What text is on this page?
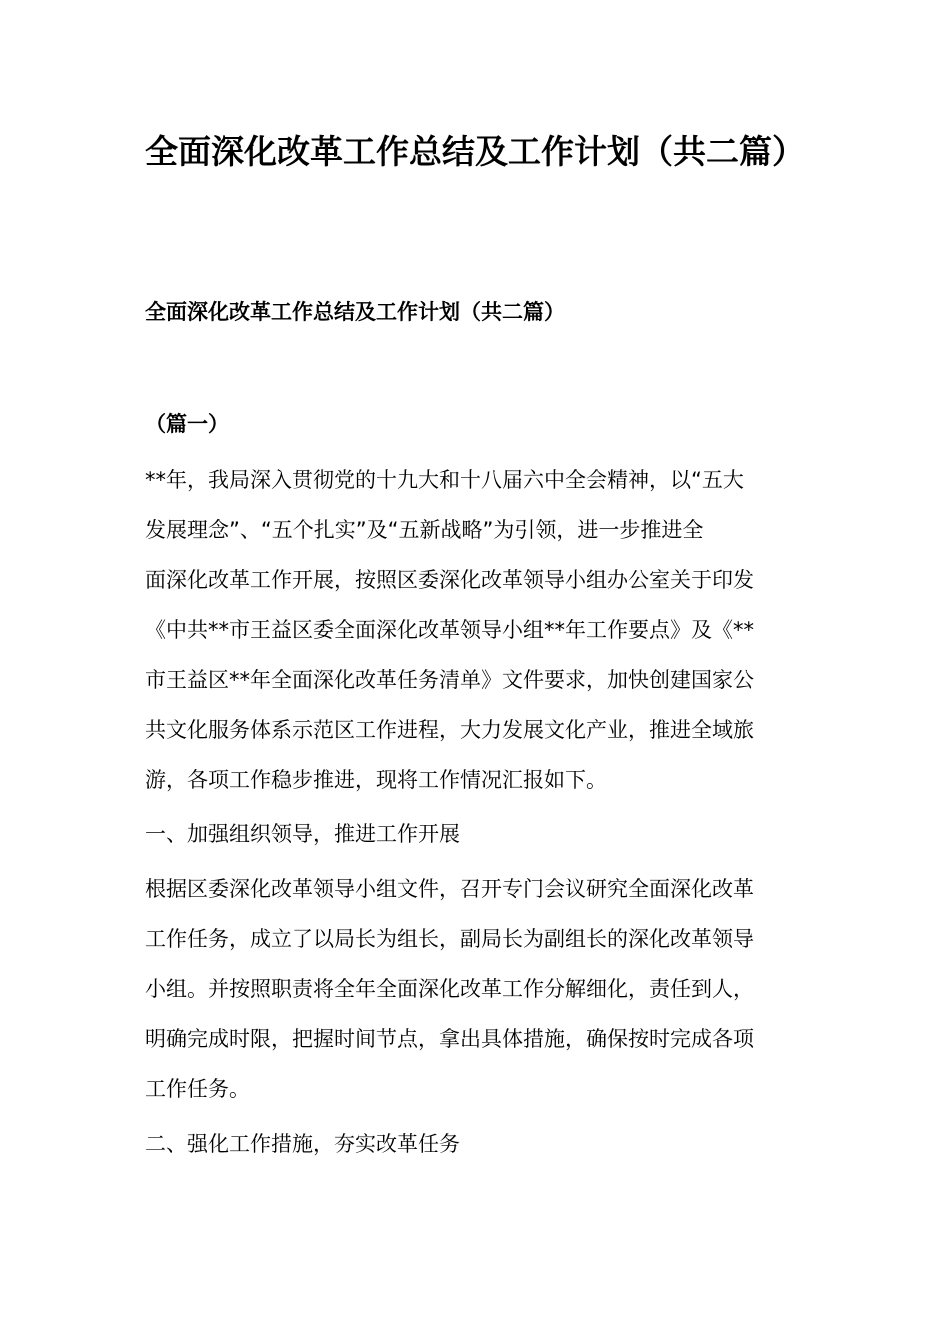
全面深化改革工作总结及工作计划（共二篇）

全面深化改革工作总结及工作计划（共二篇）

（篇一）

**年，我局深入贯彻党的十九大和十八届六中全会精神，以“五大
发展理念”、“五个扎实”及“五新战略”为引领，进一步推进全
面深化改革工作开展，按照区委深化改革领导小组办公室关于印发
《中共**市王益区委全面深化改革领导小组**年工作要点》及《**
市王益区**年全面深化改革任务清单》文件要求，加快创建国家公
共文化服务体系示范区工作进程，大力发展文化产业，推进全域旅
游，各项工作稳步推进，现将工作情况汇报如下。
一、加强组织领导，推进工作开展
根据区委深化改革领导小组文件，召开专门会议研究全面深化改革
工作任务，成立了以局长为组长，副局长为副组长的深化改革领导
小组。并按照职责将全年全面深化改革工作分解细化，责任到人，
明确完成时限，把握时间节点，拿出具体措施，确保按时完成各项
工作任务。
二、强化工作措施，夯实改革任务
